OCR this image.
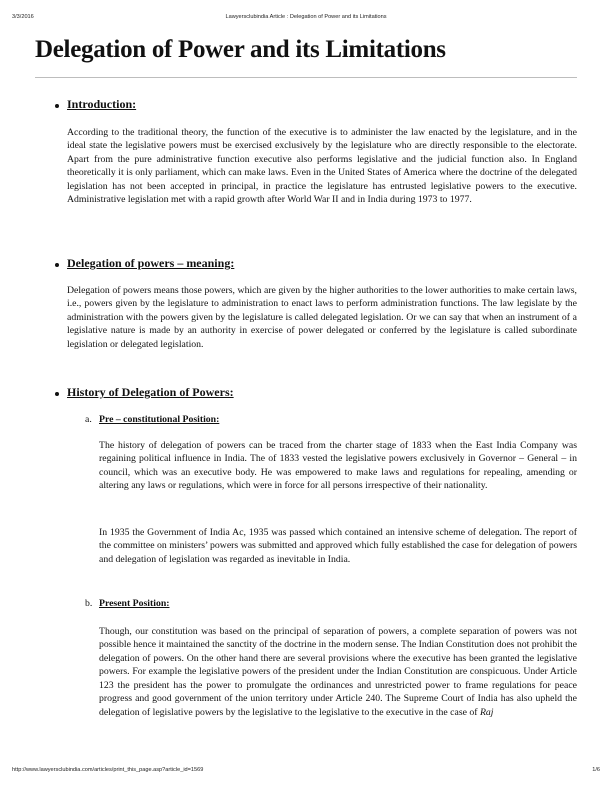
3/3/2016	Lawyersclubindia Article : Delegation of Power and its Limitations
Delegation of Power and its Limitations
Introduction:

According to the traditional theory, the function of the executive is to administer the law enacted by the legislature, and in the ideal state the legislative powers must be exercised exclusively by the legislature who are directly responsible to the electorate. Apart from the pure administrative function executive also performs legislative and the judicial function also. In England theoretically it is only parliament, which can make laws. Even in the United States of America where the doctrine of the delegated legislation has not been accepted in principal, in practice the legislature has entrusted legislative powers to the executive. Administrative legislation met with a rapid growth after World War II and in India during 1973 to 1977.

Delegation of powers – meaning:

Delegation of powers means those powers, which are given by the higher authorities to the lower authorities to make certain laws, i.e., powers given by the legislature to administration to enact laws to perform administration functions. The law legislate by the administration with the powers given by the legislature is called delegated legislation. Or we can say that when an instrument of a legislative nature is made by an authority in exercise of power delegated or conferred by the legislature is called subordinate legislation or delegated legislation.

History of Delegation of Powers:
a. Pre – constitutional Position:

The history of delegation of powers can be traced from the charter stage of 1833 when the East India Company was regaining political influence in India. The of 1833 vested the legislative powers exclusively in Governor – General – in council, which was an executive body. He was empowered to make laws and regulations for repealing, amending or altering any laws or regulations, which were in force for all persons irrespective of their nationality.

In 1935 the Government of India Ac, 1935 was passed which contained an intensive scheme of delegation. The report of the committee on ministers’ powers was submitted and approved which fully established the case for delegation of powers and delegation of legislation was regarded as inevitable in India.

b. Present Position:

Though, our constitution was based on the principal of separation of powers, a complete separation of powers was not possible hence it maintained the sanctity of the doctrine in the modern sense. The Indian Constitution does not prohibit the delegation of powers. On the other hand there are several provisions where the executive has been granted the legislative powers. For example the legislative powers of the president under the Indian Constitution are conspicuous. Under Article 123 the president has the power to promulgate the ordinances and unrestricted power to frame regulations for peace progress and good government of the union territory under Article 240. The Supreme Court of India has also upheld the delegation of legislative powers by the legislative to the legislative to the executive in the case of Raj

http://www.lawyersclubindia.com/articles/print_this_page.asp?article_id=1569	1/6
